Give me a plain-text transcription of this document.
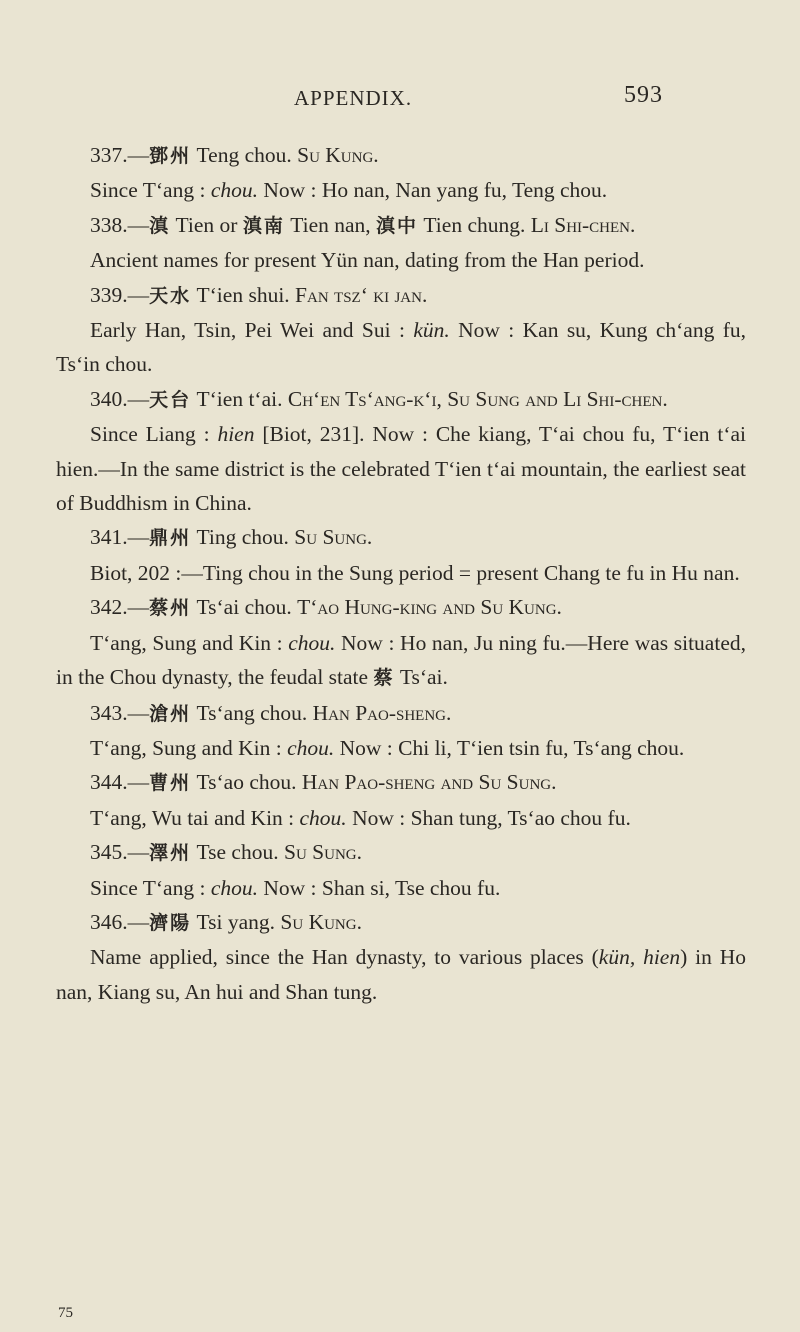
APPENDIX.	593

337.—鄧州 Teng chou. Su Kung.

Since T‘ang : chou. Now : Ho nan, Nan yang fu, Teng chou.

338.—滇 Tien or 滇南 Tien nan, 滇中 Tien chung. Li Shi-chen.

Ancient names for present Yün nan, dating from the Han period.

339.—天水 T‘ien shui. Fan tsz‘ ki jan.

Early Han, Tsin, Pei Wei and Sui : kün. Now : Kan su, Kung ch‘ang fu, Ts‘in chou.

340.—天台 T‘ien t‘ai. Ch‘en Ts‘ang-k‘i, Su Sung and Li Shi-chen.

Since Liang : hien [Biot, 231]. Now : Che kiang, T‘ai chou fu, T‘ien t‘ai hien.—In the same district is the celebrated T‘ien t‘ai mountain, the earliest seat of Buddhism in China.

341.—鼎州 Ting chou. Su Sung.

Biot, 202 :—Ting chou in the Sung period = present Chang te fu in Hu nan.

342.—蔡州 Ts‘ai chou. T‘ao Hung-king and Su Kung.

T‘ang, Sung and Kin : chou. Now : Ho nan, Ju ning fu.—Here was situated, in the Chou dynasty, the feudal state 蔡 Ts‘ai.

343.—滄州 Ts‘ang chou. Han Pao-sheng.

T‘ang, Sung and Kin : chou. Now : Chi li, T‘ien tsin fu, Ts‘ang chou.

344.—曹州 Ts‘ao chou. Han Pao-sheng and Su Sung.

T‘ang, Wu tai and Kin : chou. Now : Shan tung, Ts‘ao chou fu.

345.—澤州 Tse chou. Su Sung.

Since T‘ang : chou. Now : Shan si, Tse chou fu.

346.—濟陽 Tsi yang. Su Kung.

Name applied, since the Han dynasty, to various places (kün, hien) in Ho nan, Kiang su, An hui and Shan tung.

75
